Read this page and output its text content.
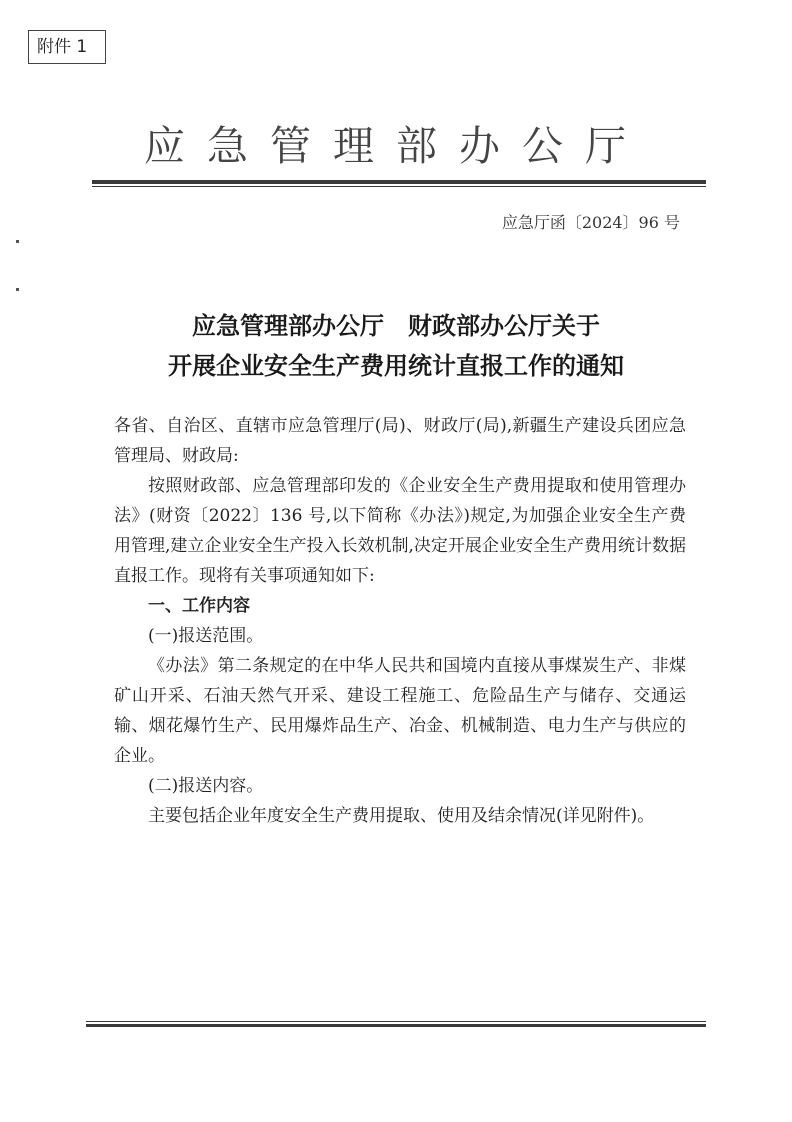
附件 1
应急管理部办公厅
应急厅函〔2024〕96 号
应急管理部办公厅　财政部办公厅关于
开展企业安全生产费用统计直报工作的通知

各省、自治区、直辖市应急管理厅(局)、财政厅(局),新疆生产建设兵团应急管理局、财政局:

按照财政部、应急管理部印发的《企业安全生产费用提取和使用管理办法》(财资〔2022〕136 号,以下简称《办法》)规定,为加强企业安全生产费用管理,建立企业安全生产投入长效机制,决定开展企业安全生产费用统计数据直报工作。现将有关事项通知如下:

一、工作内容

(一)报送范围。

《办法》第二条规定的在中华人民共和国境内直接从事煤炭生产、非煤矿山开采、石油天然气开采、建设工程施工、危险品生产与储存、交通运输、烟花爆竹生产、民用爆炸品生产、冶金、机械制造、电力生产与供应的企业。

(二)报送内容。

主要包括企业年度安全生产费用提取、使用及结余情况(详见附件)。
